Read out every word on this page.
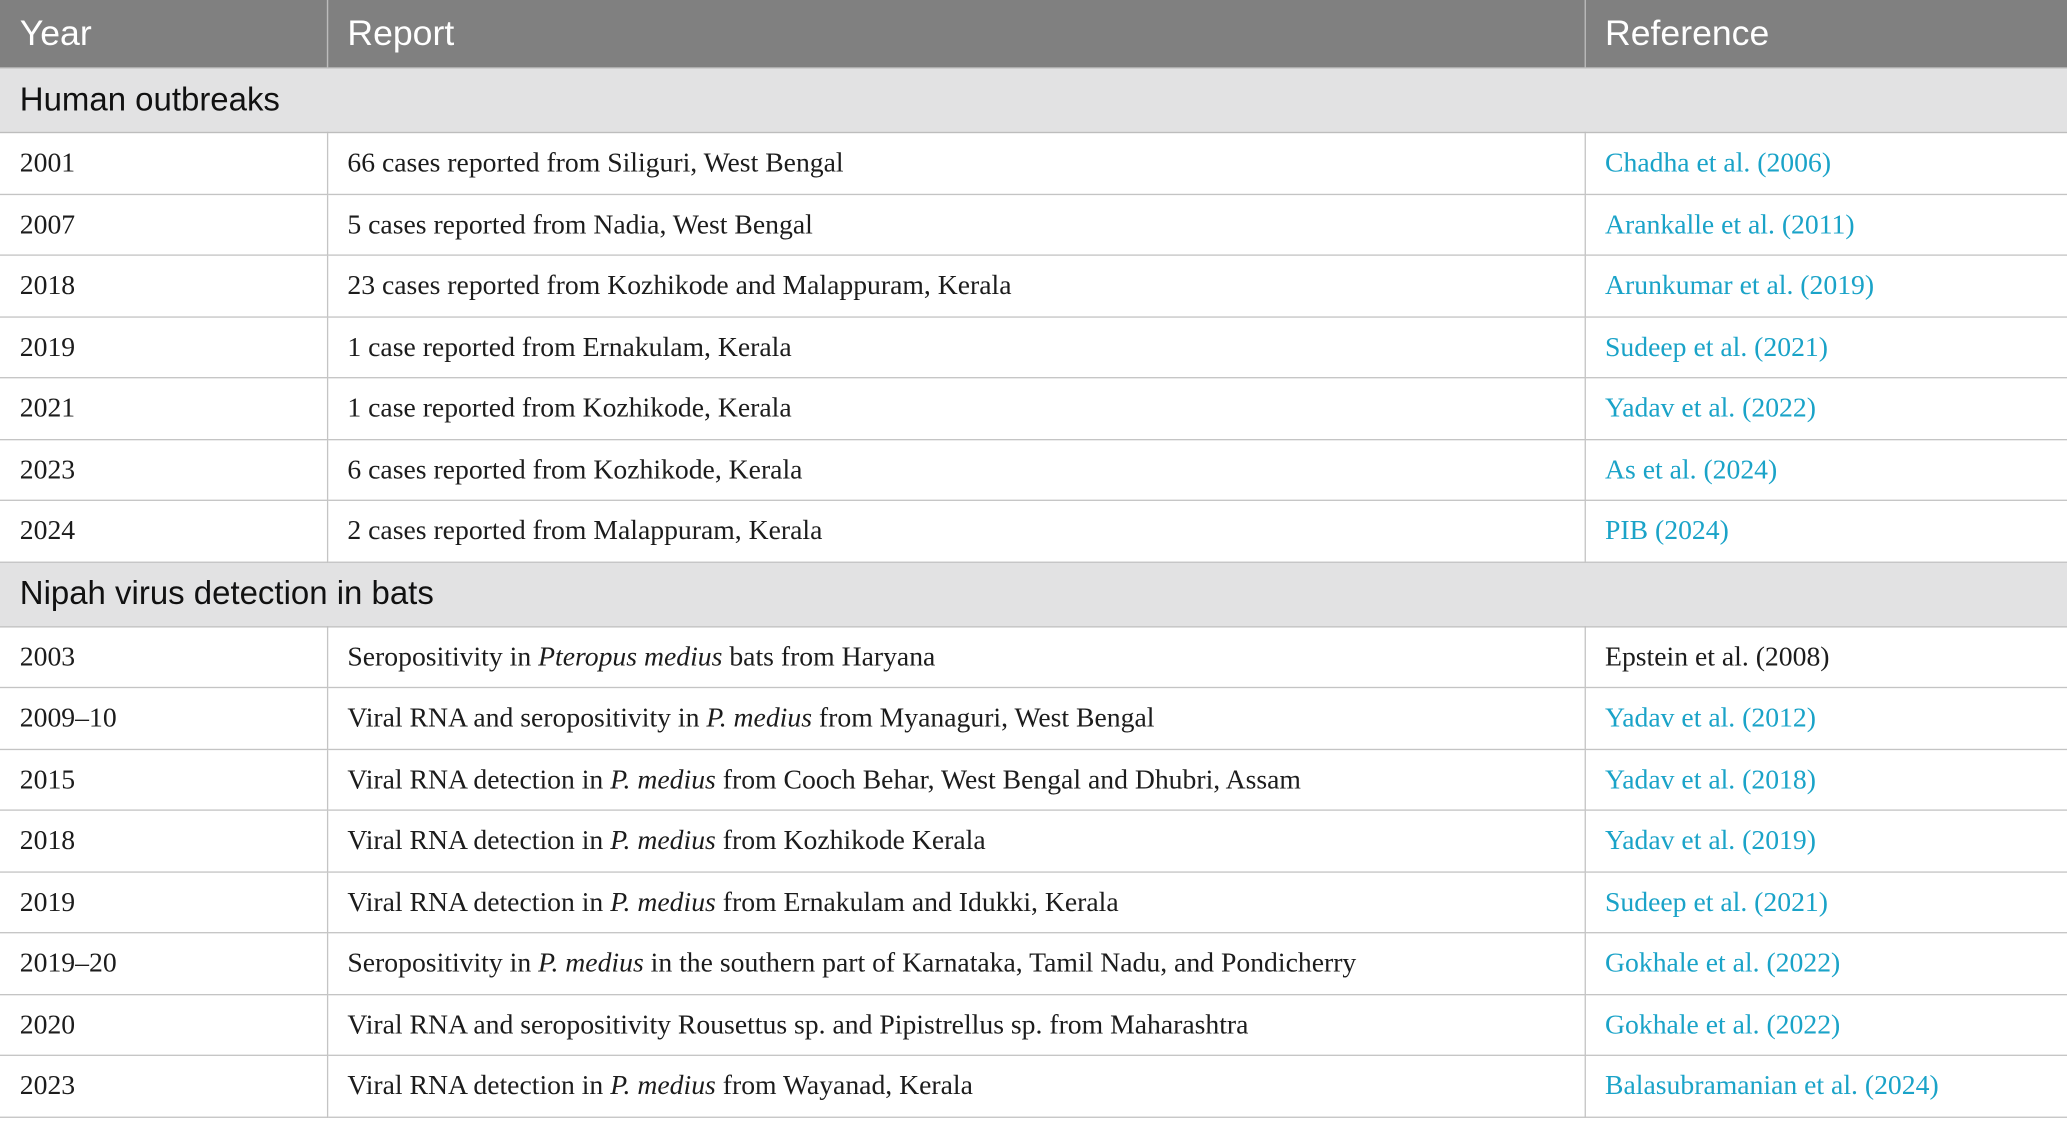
Year	Report	Reference
Human outbreaks		
2001	66 cases reported from Siliguri, West Bengal	Chadha et al. (2006)
2007	5 cases reported from Nadia, West Bengal	Arankalle et al. (2011)
2018	23 cases reported from Kozhikode and Malappuram, Kerala	Arunkumar et al. (2019)
2019	1 case reported from Ernakulam, Kerala	Sudeep et al. (2021)
2021	1 case reported from Kozhikode, Kerala	Yadav et al. (2022)
2023	6 cases reported from Kozhikode, Kerala	As et al. (2024)
2024	2 cases reported from Malappuram, Kerala	PIB (2024)
Nipah virus detection in bats		
2003	Seropositivity in Pteropus medius bats from Haryana	Epstein et al. (2008)
2009–10	Viral RNA and seropositivity in P. medius from Myanaguri, West Bengal	Yadav et al. (2012)
2015	Viral RNA detection in P. medius from Cooch Behar, West Bengal and Dhubri, Assam	Yadav et al. (2018)
2018	Viral RNA detection in P. medius from Kozhikode Kerala	Yadav et al. (2019)
2019	Viral RNA detection in P. medius from Ernakulam and Idukki, Kerala	Sudeep et al. (2021)
2019–20	Seropositivity in P. medius in the southern part of Karnataka, Tamil Nadu, and Pondicherry	Gokhale et al. (2022)
2020	Viral RNA and seropositivity Rousettus sp. and Pipistrellus sp. from Maharashtra	Gokhale et al. (2022)
2023	Viral RNA detection in P. medius from Wayanad, Kerala	Balasubramanian et al. (2024)
